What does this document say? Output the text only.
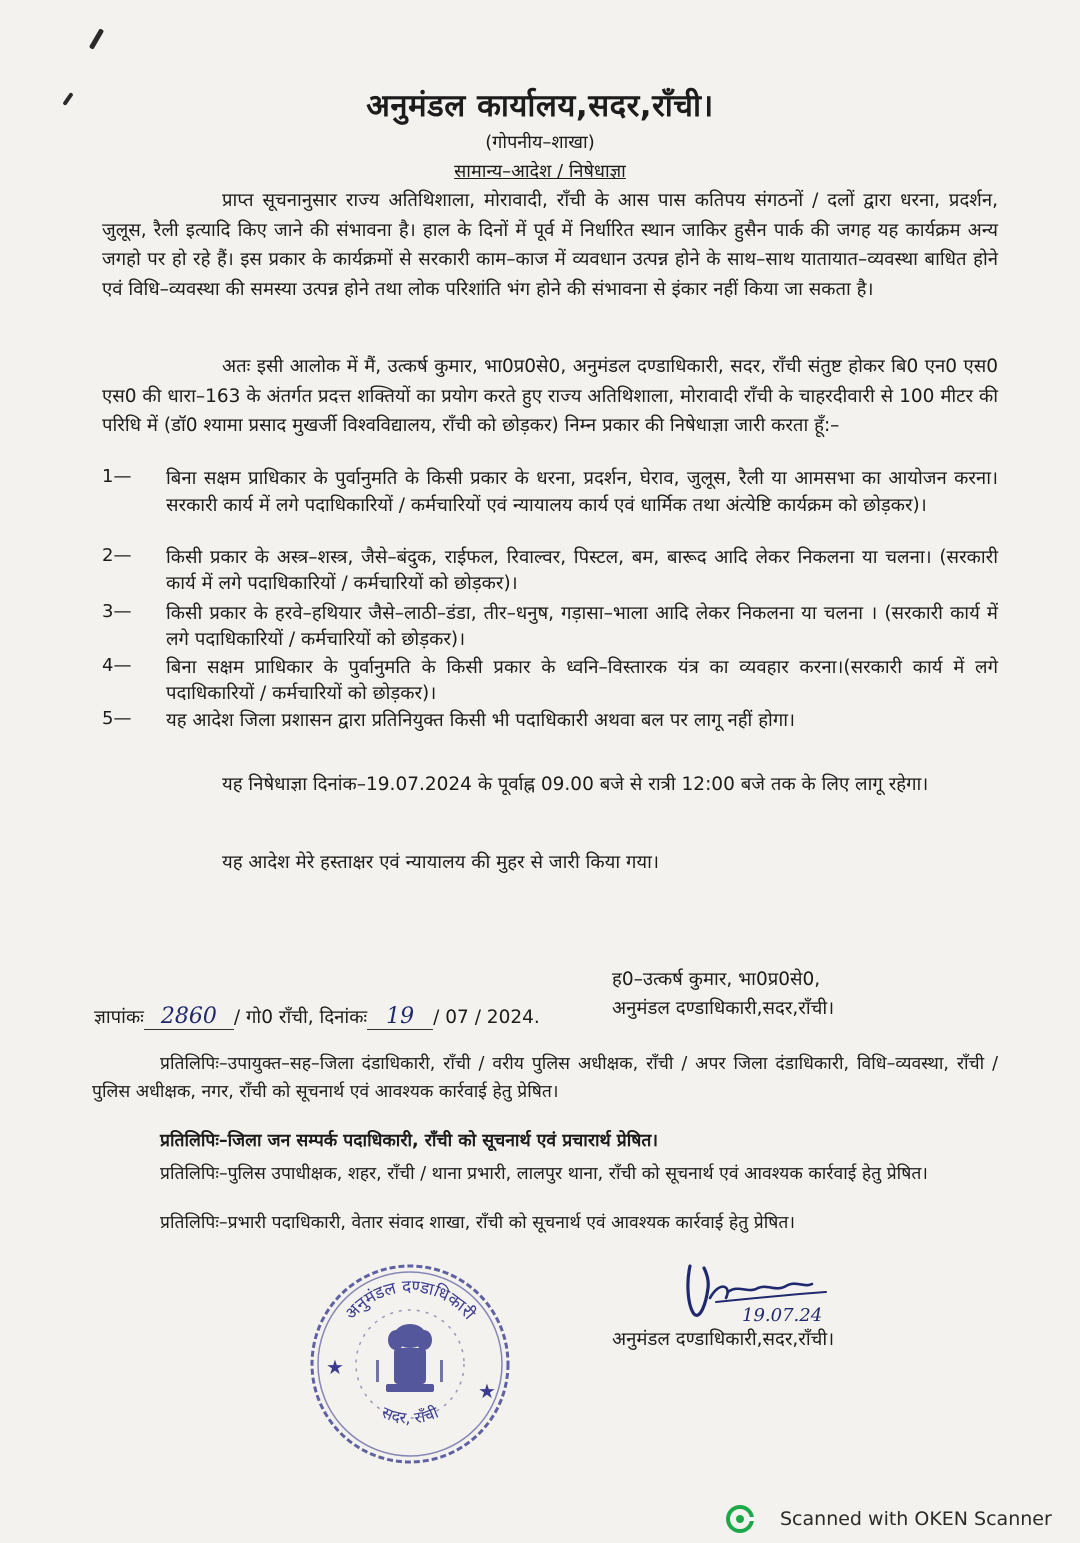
अनुमंडल कार्यालय,सदर,राँची।
(गोपनीय–शाखा)
सामान्य–आदेश / निषेधाज्ञा

प्राप्त सूचनानुसार राज्य अतिथिशाला, मोरावादी, राँची के आस पास कतिपय संगठनों / दलों द्वारा धरना, प्रदर्शन, जुलूस, रैली इत्यादि किए जाने की संभावना है। हाल के दिनों में पूर्व में निर्धारित स्थान जाकिर हुसैन पार्क की जगह यह कार्यक्रम अन्य जगहो पर हो रहे हैं। इस प्रकार के कार्यक्रमों से सरकारी काम–काज में व्यवधान उत्पन्न होने के साथ–साथ यातायात–व्यवस्था बाधित होने एवं विधि–व्यवस्था की समस्या उत्पन्न होने तथा लोक परिशांति भंग होने की संभावना से इंकार नहीं किया जा सकता है।

अतः इसी आलोक में मैं, उत्कर्ष कुमार, भा0प्र0से0, अनुमंडल दण्डाधिकारी, सदर, राँची संतुष्ट होकर बि0 एन0 एस0 एस0 की धारा–163 के अंतर्गत प्रदत्त शक्तियों का प्रयोग करते हुए राज्य अतिथिशाला, मोरावादी राँची के चाहरदीवारी से 100 मीटर की परिधि में (डॉ0 श्यामा प्रसाद मुखर्जी विश्वविद्यालय, राँची को छोड़कर) निम्न प्रकार की निषेधाज्ञा जारी करता हूँ:–

1— बिना सक्षम प्राधिकार के पुर्वानुमति के किसी प्रकार के धरना, प्रदर्शन, घेराव, जुलूस, रैली या आमसभा का आयोजन करना। सरकारी कार्य में लगे पदाधिकारियों / कर्मचारियों एवं न्यायालय कार्य एवं धार्मिक तथा अंत्येष्टि कार्यक्रम को छोड़कर)।

2— किसी प्रकार के अस्त्र–शस्त्र, जैसे–बंदुक, राईफल, रिवाल्वर, पिस्टल, बम, बारूद आदि लेकर निकलना या चलना। (सरकारी कार्य में लगे पदाधिकारियों / कर्मचारियों को छोड़कर)।

3— किसी प्रकार के हरवे–हथियार जैसे–लाठी–डंडा, तीर–धनुष, गड़ासा–भाला आदि लेकर निकलना या चलना । (सरकारी कार्य में लगे पदाधिकारियों / कर्मचारियों को छोड़कर)।

4— बिना सक्षम प्राधिकार के पुर्वानुमति के किसी प्रकार के ध्वनि–विस्तारक यंत्र का व्यवहार करना।(सरकारी कार्य में लगे पदाधिकारियों / कर्मचारियों को छोड़कर)।

5— यह आदेश जिला प्रशासन द्वारा प्रतिनियुक्त किसी भी पदाधिकारी अथवा बल पर लागू नहीं होगा।

यह निषेधाज्ञा दिनांक–19.07.2024 के पूर्वाह्न 09.00 बजे से रात्री 12:00 बजे तक के लिए लागू रहेगा।

यह आदेश मेरे हस्ताक्षर एवं न्यायालय की मुहर से जारी किया गया।

ह0–उत्कर्ष कुमार, भा0प्र0से0,
अनुमंडल दण्डाधिकारी,सदर,राँची।
ज्ञापांकः 2860 / गो0 राँची, दिनांकः 19 / 07 / 2024.

प्रतिलिपिः–उपायुक्त–सह–जिला दंडाधिकारी, राँची / वरीय पुलिस अधीक्षक, राँची / अपर जिला दंडाधिकारी, विधि–व्यवस्था, राँची / पुलिस अधीक्षक, नगर, राँची को सूचनार्थ एवं आवश्यक कार्रवाई हेतु प्रेषित।

प्रतिलिपिः–जिला जन सम्पर्क पदाधिकारी, राँची को सूचनार्थ एवं प्रचारार्थ प्रेषित।

प्रतिलिपिः–पुलिस उपाधीक्षक, शहर, राँची / थाना प्रभारी, लालपुर थाना, राँची को सूचनार्थ एवं आवश्यक कार्रवाई हेतु प्रेषित।

प्रतिलिपिः–प्रभारी पदाधिकारी, वेतार संवाद शाखा, राँची को सूचनार्थ एवं आवश्यक कार्रवाई हेतु प्रेषित।

अनुमंडल दण्डाधिकारी
सदर, राँची
★
★
19.07.24
अनुमंडल दण्डाधिकारी,सदर,राँची।
Scanned with OKEN Scanner
